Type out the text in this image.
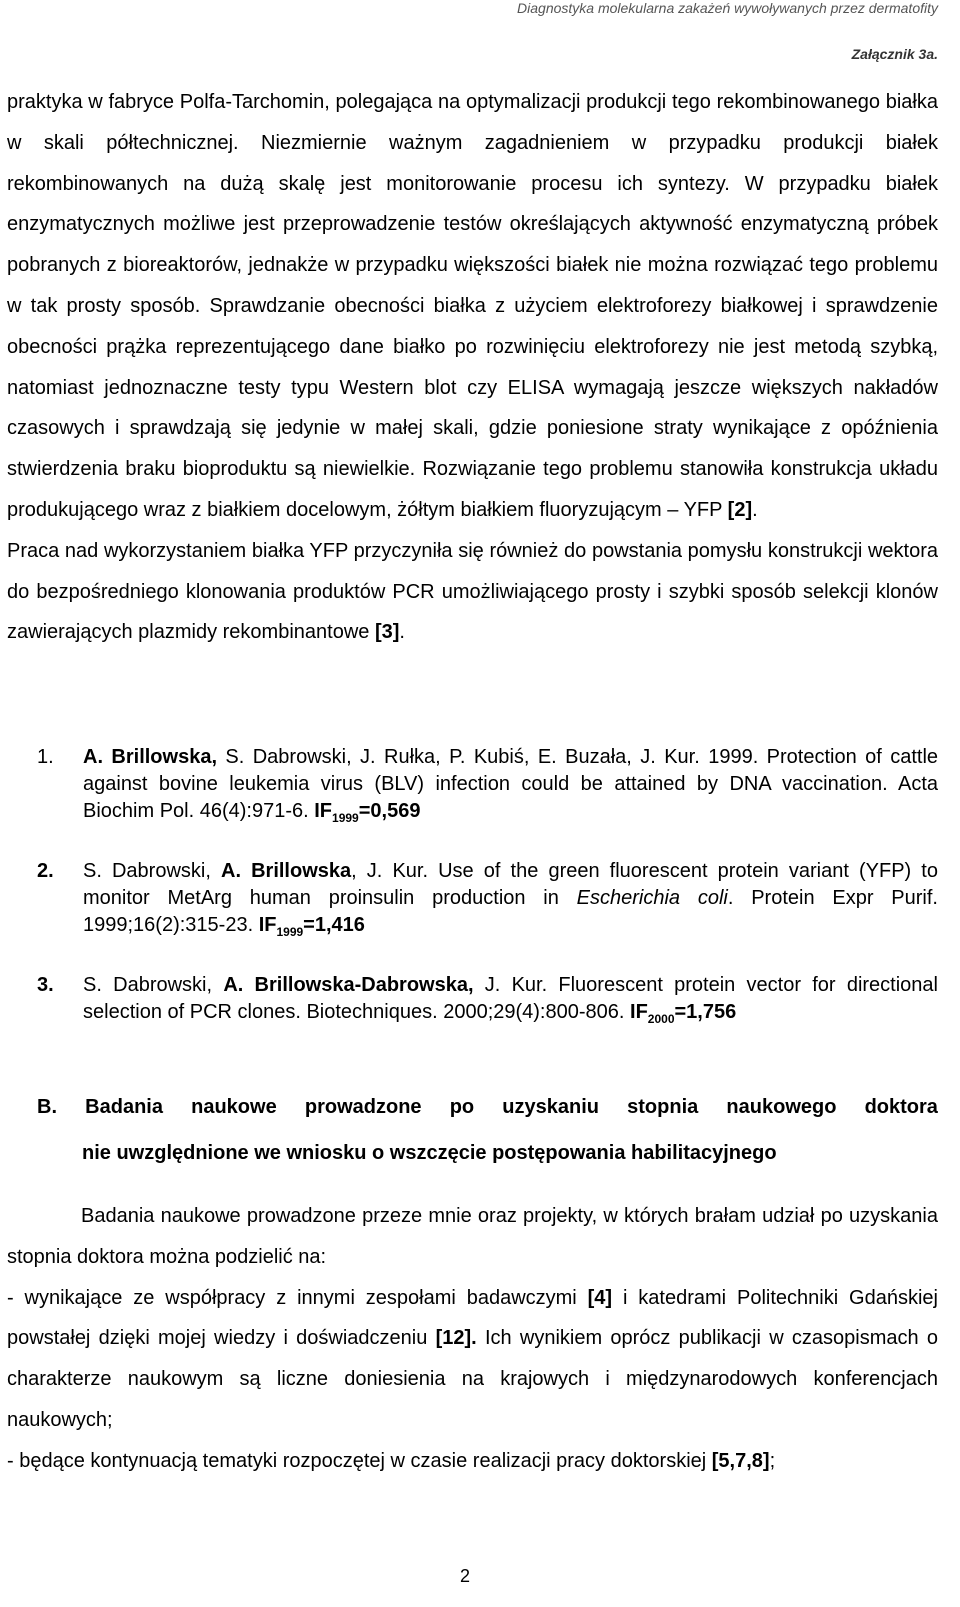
Diagnostyka molekularna zakażeń wywoływanych przez dermatofity
Załącznik 3a.

praktyka w fabryce Polfa-Tarchomin, polegająca na optymalizacji produkcji tego rekombinowanego białka w skali półtechnicznej. Niezmiernie ważnym zagadnieniem w przypadku produkcji białek rekombinowanych na dużą skalę jest monitorowanie procesu ich syntezy. W przypadku białek enzymatycznych możliwe jest przeprowadzenie testów określających aktywność enzymatyczną próbek pobranych z bioreaktorów, jednakże w przypadku większości białek nie można rozwiązać tego problemu w tak prosty sposób. Sprawdzanie obecności białka z użyciem elektroforezy białkowej i sprawdzenie obecności prążka reprezentującego dane białko po rozwinięciu elektroforezy nie jest metodą szybką, natomiast jednoznaczne testy typu Western blot czy ELISA wymagają jeszcze większych nakładów czasowych i sprawdzają się jedynie w małej skali, gdzie poniesione straty wynikające z opóźnienia stwierdzenia braku bioproduktu są niewielkie. Rozwiązanie tego problemu stanowiła konstrukcja układu produkującego wraz z białkiem docelowym, żółtym białkiem fluoryzującym – YFP [2].

Praca nad wykorzystaniem białka YFP przyczyniła się również do powstania pomysłu konstrukcji wektora do bezpośredniego klonowania produktów PCR umożliwiającego prosty i szybki sposób selekcji klonów zawierających plazmidy rekombinantowe [3].

1. A. Brillowska, S. Dabrowski, J. Rułka, P. Kubiś, E. Buzała, J. Kur. 1999. Protection of cattle against bovine leukemia virus (BLV) infection could be attained by DNA vaccination. Acta Biochim Pol. 46(4):971-6. $IF_{1999}=0,569$

2. S. Dabrowski, A. Brillowska, J. Kur. Use of the green fluorescent protein variant (YFP) to monitor MetArg human proinsulin production in Escherichia coli. Protein Expr Purif. 1999;16(2):315-23. $IF_{1999}=1,416$

3. S. Dabrowski, A. Brillowska-Dabrowska, J. Kur. Fluorescent protein vector for directional selection of PCR clones. Biotechniques. 2000;29(4):800-806. $IF_{2000}=1,756$

B. Badania naukowe prowadzone po uzyskaniu stopnia naukowego doktora
nie uwzględnione we wniosku o wszczęcie postępowania habilitacyjnego

Badania naukowe prowadzone przeze mnie oraz projekty, w których brałam udział po uzyskania stopnia doktora można podzielić na:

- wynikające ze współpracy z innymi zespołami badawczymi [4] i katedrami Politechniki Gdańskiej powstałej dzięki mojej wiedzy i doświadczeniu [12]. Ich wynikiem oprócz publikacji w czasopismach o charakterze naukowym są liczne doniesienia na krajowych i międzynarodowych konferencjach naukowych;

- będące kontynuacją tematyki rozpoczętej w czasie realizacji pracy doktorskiej [5,7,8];

2
